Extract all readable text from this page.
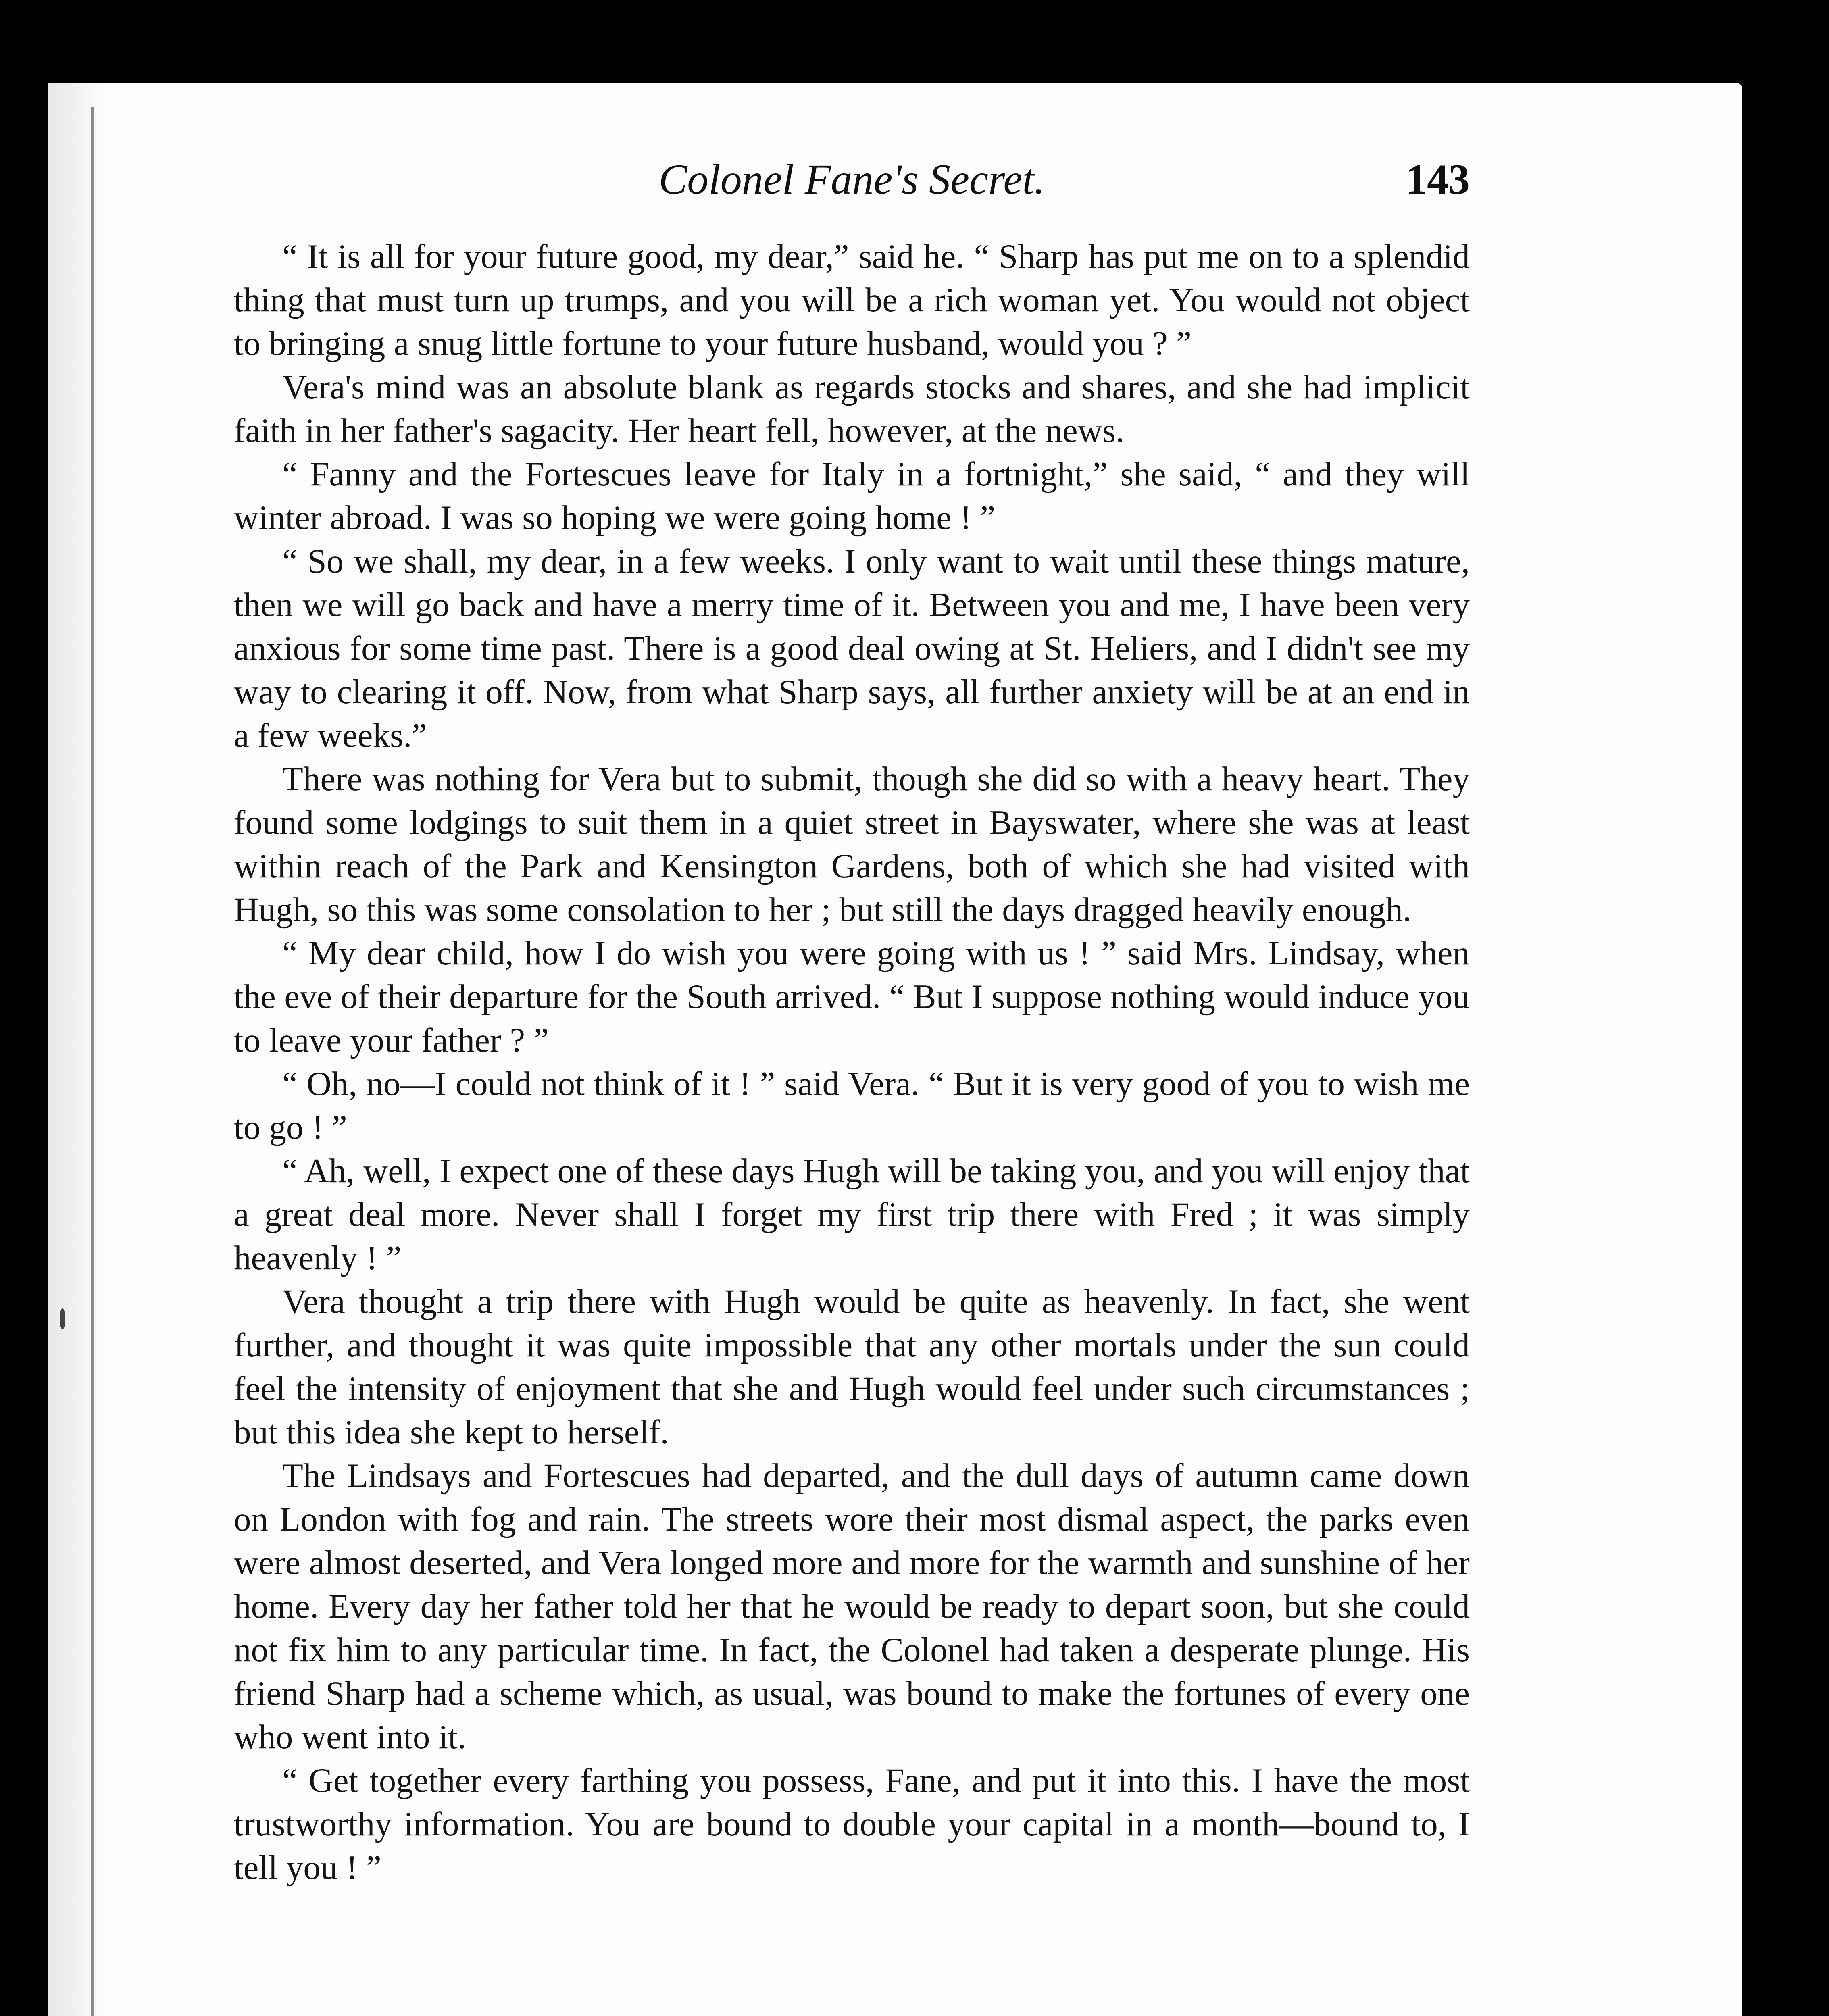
Colonel Fane's Secret.	143

“ It is all for your future good, my dear,” said he. “ Sharp has put me on to a splendid thing that must turn up trumps, and you will be a rich woman yet. You would not object to bringing a snug little fortune to your future husband, would you ? ”

Vera's mind was an absolute blank as regards stocks and shares, and she had implicit faith in her father's sagacity. Her heart fell, however, at the news.

“ Fanny and the Fortescues leave for Italy in a fortnight,” she said, “ and they will winter abroad. I was so hoping we were going home ! ”

“ So we shall, my dear, in a few weeks. I only want to wait until these things mature, then we will go back and have a merry time of it. Between you and me, I have been very anxious for some time past. There is a good deal owing at St. Heliers, and I didn't see my way to clearing it off. Now, from what Sharp says, all further anxiety will be at an end in a few weeks.”

There was nothing for Vera but to submit, though she did so with a heavy heart. They found some lodgings to suit them in a quiet street in Bayswater, where she was at least within reach of the Park and Kensington Gardens, both of which she had visited with Hugh, so this was some consolation to her ; but still the days dragged heavily enough.

“ My dear child, how I do wish you were going with us ! ” said Mrs. Lindsay, when the eve of their departure for the South arrived. “ But I suppose nothing would induce you to leave your father ? ”

“ Oh, no—I could not think of it ! ” said Vera. “ But it is very good of you to wish me to go ! ”

“ Ah, well, I expect one of these days Hugh will be taking you, and you will enjoy that a great deal more. Never shall I forget my first trip there with Fred ; it was simply heavenly ! ”

Vera thought a trip there with Hugh would be quite as heavenly. In fact, she went further, and thought it was quite impossible that any other mortals under the sun could feel the intensity of enjoyment that she and Hugh would feel under such circumstances ; but this idea she kept to herself.

The Lindsays and Fortescues had departed, and the dull days of autumn came down on London with fog and rain. The streets wore their most dismal aspect, the parks even were almost deserted, and Vera longed more and more for the warmth and sunshine of her home. Every day her father told her that he would be ready to depart soon, but she could not fix him to any particular time. In fact, the Colonel had taken a desperate plunge. His friend Sharp had a scheme which, as usual, was bound to make the fortunes of every one who went into it.

“ Get together every farthing you possess, Fane, and put it into this. I have the most trustworthy information. You are bound to double your capital in a month—bound to, I tell you ! ”
